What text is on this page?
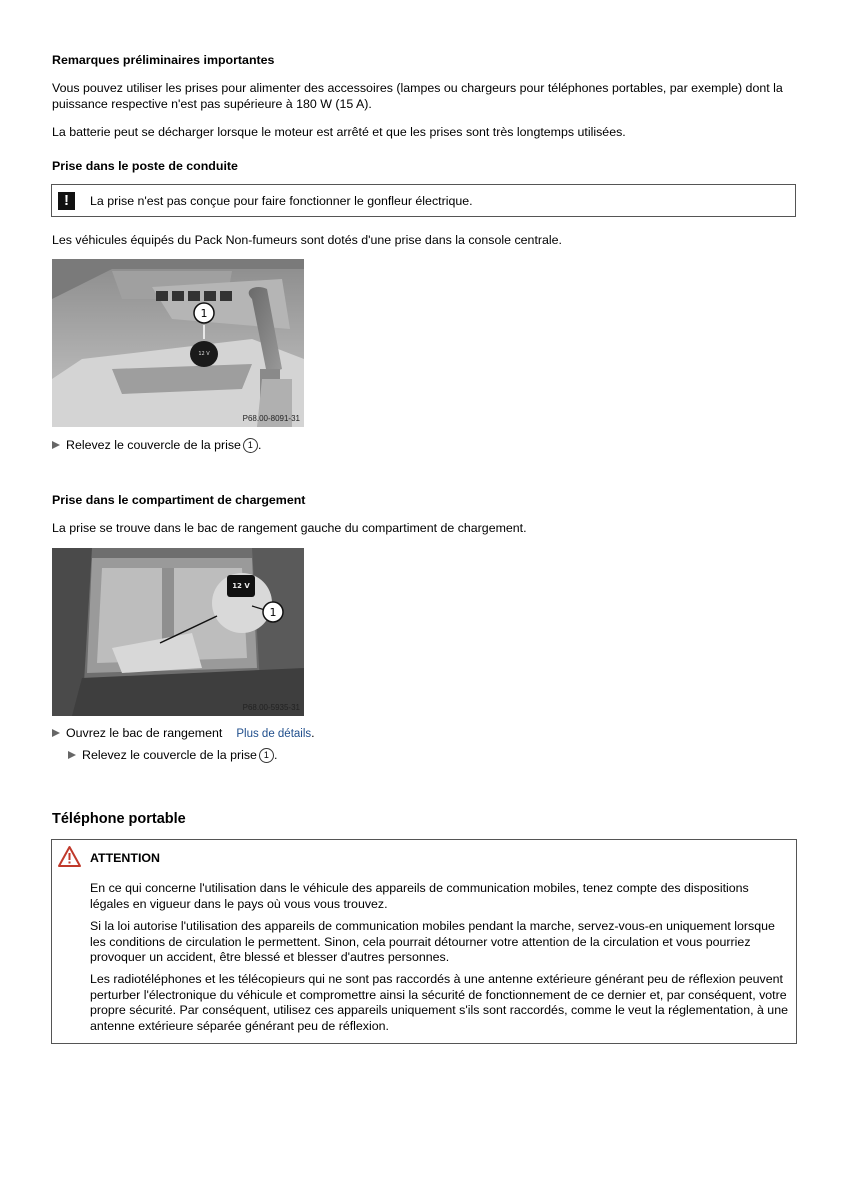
Remarques préliminaires importantes
Vous pouvez utiliser les prises pour alimenter des accessoires (lampes ou chargeurs pour téléphones portables, par exemple) dont la puissance respective n'est pas supérieure à 180 W (15 A).
La batterie peut se décharger lorsque le moteur est arrêté et que les prises sont très longtemps utilisées.
Prise dans le poste de conduite
!	La prise n'est pas conçue pour faire fonctionner le gonfleur électrique.
Les véhicules équipés du Pack Non-fumeurs sont dotés d'une prise dans la console centrale.
12 V
1
P68.00-8091-31
Relevez le couvercle de la prise 1 .
Prise dans le compartiment de chargement
La prise se trouve dans le bac de rangement gauche du compartiment de chargement.
12 V
1
P68.00-5935-31
Ouvrez le bac de rangement Plus de détails.
Relevez le couvercle de la prise 1 .
Téléphone portable
ATTENTION
En ce qui concerne l'utilisation dans le véhicule des appareils de communication mobiles, tenez compte des dispositions légales en vigueur dans le pays où vous vous trouvez.
Si la loi autorise l'utilisation des appareils de communication mobiles pendant la marche, servez-vous-en uniquement lorsque les conditions de circulation le permettent. Sinon, cela pourrait détourner votre attention de la circulation et vous pourriez provoquer un accident, être blessé et blesser d'autres personnes.
Les radiotéléphones et les télécopieurs qui ne sont pas raccordés à une antenne extérieure générant peu de réflexion peuvent perturber l'électronique du véhicule et compromettre ainsi la sécurité de fonctionnement de ce dernier et, par conséquent, votre propre sécurité. Par conséquent, utilisez ces appareils uniquement s'ils sont raccordés, comme le veut la réglementation, à une antenne extérieure séparée générant peu de réflexion.
